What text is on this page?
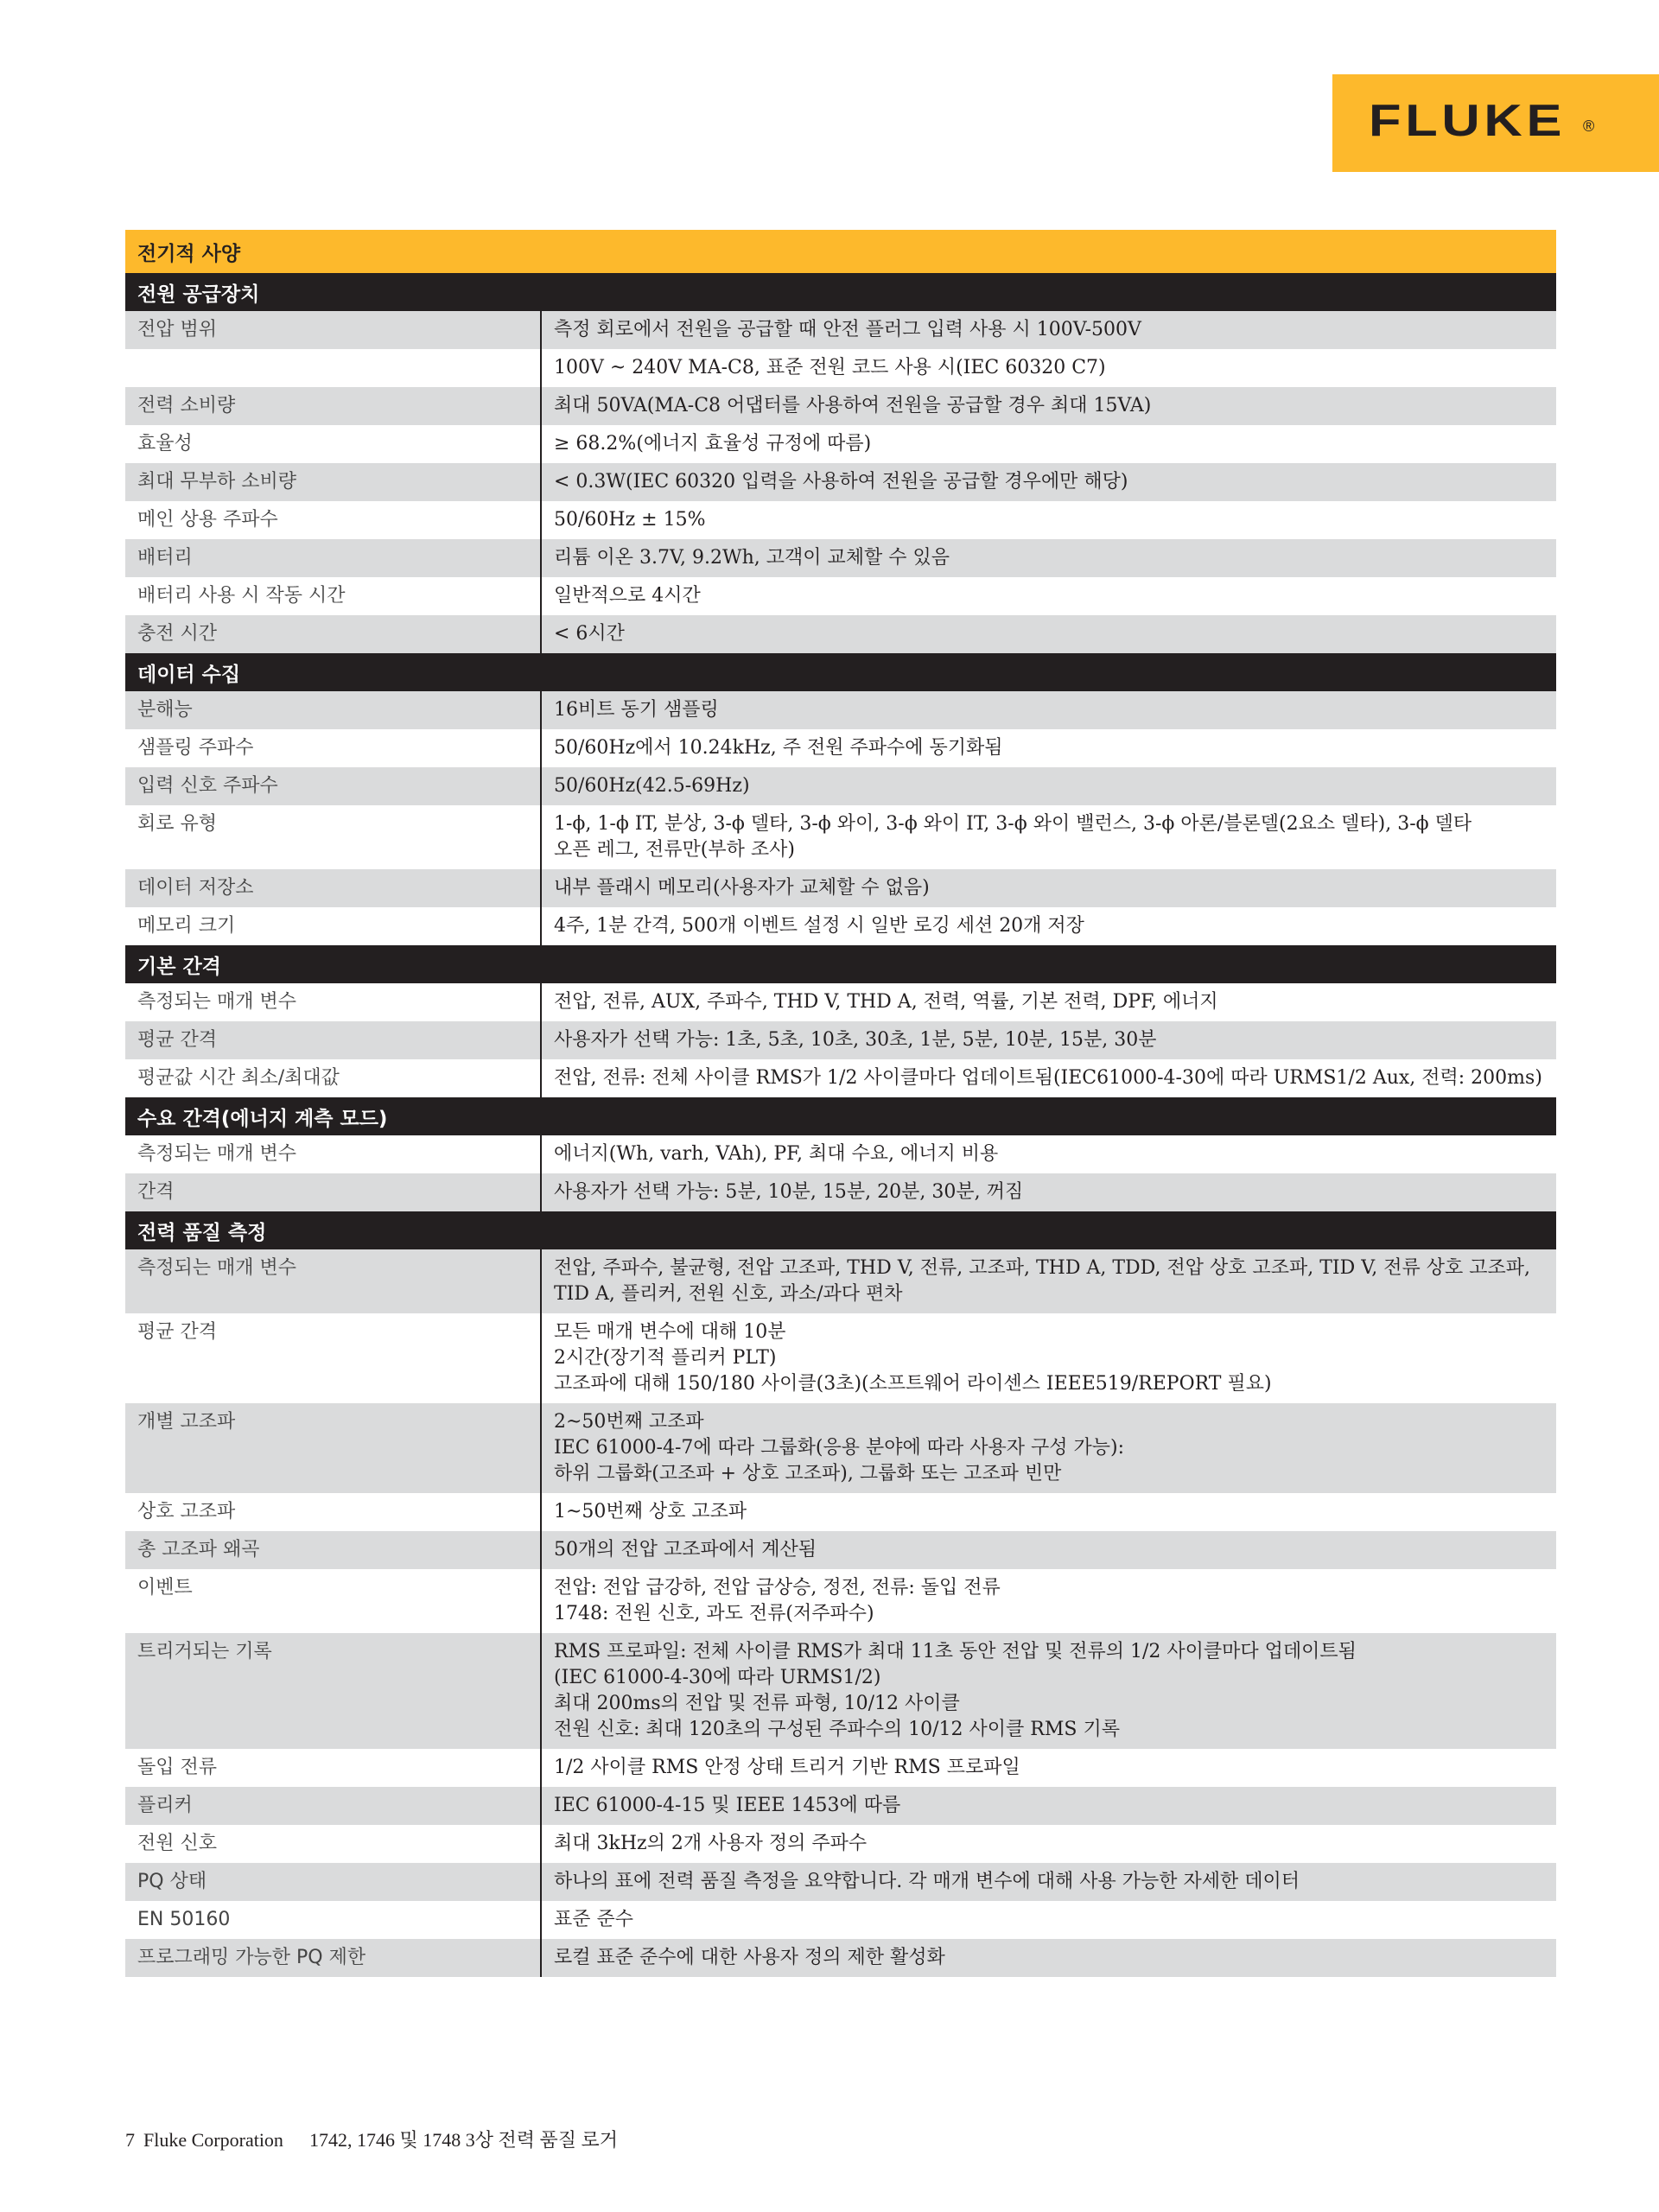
FLUKE ®
전기적 사양
전원 공급장치
전압 범위	측정 회로에서 전원을 공급할 때 안전 플러그 입력 사용 시 100V-500V
100V ~ 240V MA-C8, 표준 전원 코드 사용 시(IEC 60320 C7)
전력 소비량	최대 50VA(MA-C8 어댑터를 사용하여 전원을 공급할 경우 최대 15VA)
효율성	≥ 68.2%(에너지 효율성 규정에 따름)
최대 무부하 소비량	< 0.3W(IEC 60320 입력을 사용하여 전원을 공급할 경우에만 해당)
메인 상용 주파수	50/60Hz ± 15%
배터리	리튬 이온 3.7V, 9.2Wh, 고객이 교체할 수 있음
배터리 사용 시 작동 시간	일반적으로 4시간
충전 시간	< 6시간
데이터 수집
분해능	16비트 동기 샘플링
샘플링 주파수	50/60Hz에서 10.24kHz, 주 전원 주파수에 동기화됨
입력 신호 주파수	50/60Hz(42.5-69Hz)
회로 유형	1-ϕ, 1-ϕ IT, 분상, 3-ϕ 델타, 3-ϕ 와이, 3-ϕ 와이 IT, 3-ϕ 와이 밸런스, 3-ϕ 아론/블론델(2요소 델타), 3-ϕ 델타
오픈 레그, 전류만(부하 조사)
데이터 저장소	내부 플래시 메모리(사용자가 교체할 수 없음)
메모리 크기	4주, 1분 간격, 500개 이벤트 설정 시 일반 로깅 세션 20개 저장
기본 간격
측정되는 매개 변수	전압, 전류, AUX, 주파수, THD V, THD A, 전력, 역률, 기본 전력, DPF, 에너지
평균 간격	사용자가 선택 가능: 1초, 5초, 10초, 30초, 1분, 5분, 10분, 15분, 30분
평균값 시간 최소/최대값	전압, 전류: 전체 사이클 RMS가 1/2 사이클마다 업데이트됨(IEC61000-4-30에 따라 URMS1/2 Aux, 전력: 200ms)
수요 간격(에너지 계측 모드)
측정되는 매개 변수	에너지(Wh, varh, VAh), PF, 최대 수요, 에너지 비용
간격	사용자가 선택 가능: 5분, 10분, 15분, 20분, 30분, 꺼짐
전력 품질 측정
측정되는 매개 변수	전압, 주파수, 불균형, 전압 고조파, THD V, 전류, 고조파, THD A, TDD, 전압 상호 고조파, TID V, 전류 상호 고조파,
TID A, 플리커, 전원 신호, 과소/과다 편차
평균 간격	모든 매개 변수에 대해 10분
2시간(장기적 플리커 PLT)
고조파에 대해 150/180 사이클(3초)(소프트웨어 라이센스 IEEE519/REPORT 필요)
개별 고조파	2~50번째 고조파
IEC 61000-4-7에 따라 그룹화(응용 분야에 따라 사용자 구성 가능):
하위 그룹화(고조파 + 상호 고조파), 그룹화 또는 고조파 빈만
상호 고조파	1~50번째 상호 고조파
총 고조파 왜곡	50개의 전압 고조파에서 계산됨
이벤트	전압: 전압 급강하, 전압 급상승, 정전, 전류: 돌입 전류
1748: 전원 신호, 과도 전류(저주파수)
트리거되는 기록	RMS 프로파일: 전체 사이클 RMS가 최대 11초 동안 전압 및 전류의 1/2 사이클마다 업데이트됨
(IEC 61000-4-30에 따라 URMS1/2)
최대 200ms의 전압 및 전류 파형, 10/12 사이클
전원 신호: 최대 120초의 구성된 주파수의 10/12 사이클 RMS 기록
돌입 전류	1/2 사이클 RMS 안정 상태 트리거 기반 RMS 프로파일
플리커	IEC 61000-4-15 및 IEEE 1453에 따름
전원 신호	최대 3kHz의 2개 사용자 정의 주파수
PQ 상태	하나의 표에 전력 품질 측정을 요약합니다. 각 매개 변수에 대해 사용 가능한 자세한 데이터
EN 50160	표준 준수
프로그래밍 가능한 PQ 제한	로컬 표준 준수에 대한 사용자 정의 제한 활성화
7 Fluke Corporation 1742, 1746 및 1748 3상 전력 품질 로거
